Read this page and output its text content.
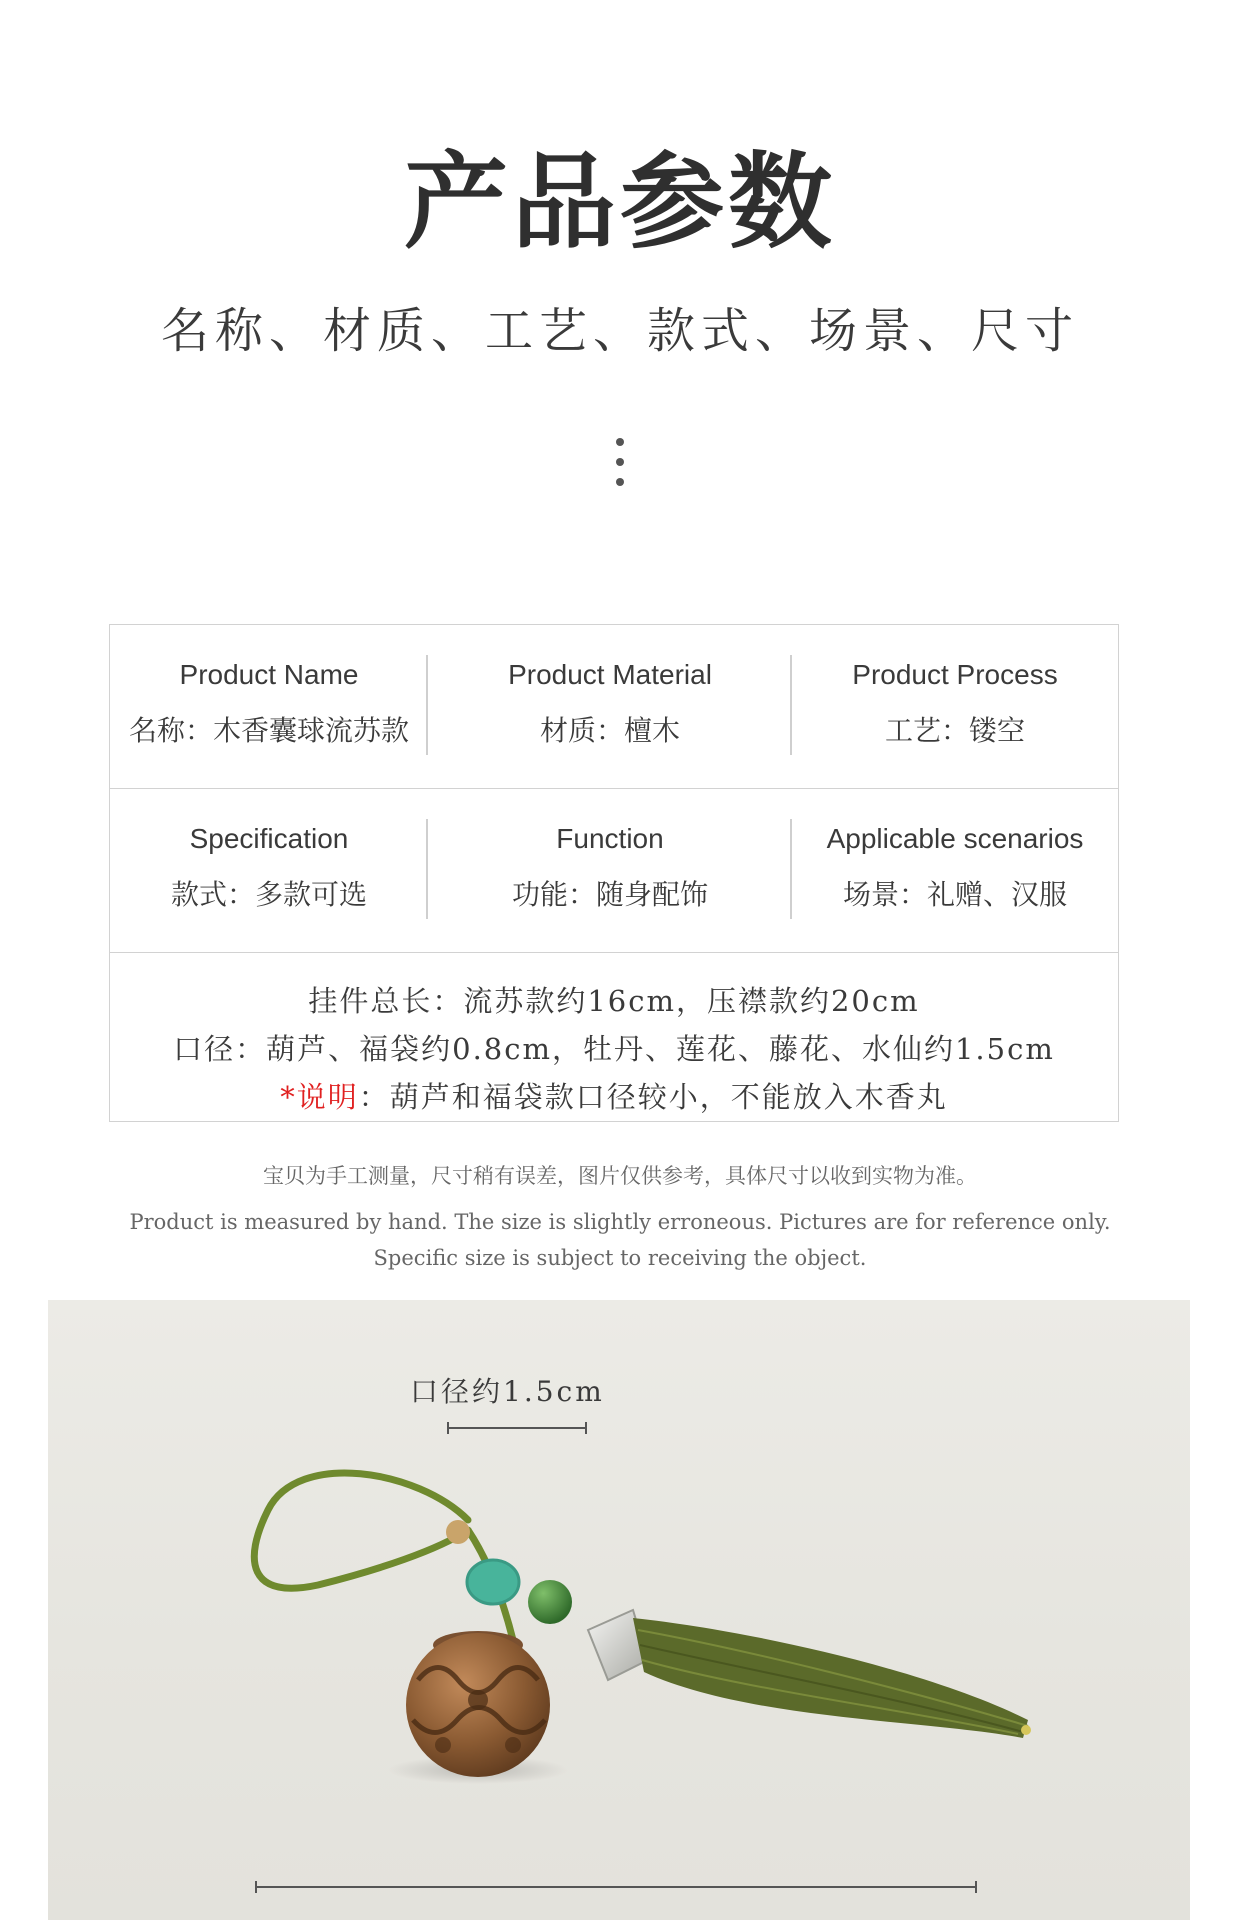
产品参数
名称、材质、工艺、款式、场景、尺寸
Product Name
名称：木香囊球流苏款
Product Material
材质：檀木
Product Process
工艺：镂空
Specification
款式：多款可选
Function
功能：随身配饰
Applicable scenarios
场景：礼赠、汉服
挂件总长：流苏款约16cm，压襟款约20cm
口径：葫芦、福袋约0.8cm，牡丹、莲花、藤花、水仙约1.5cm
*说明：葫芦和福袋款口径较小，不能放入木香丸
宝贝为手工测量，尺寸稍有误差，图片仅供参考，具体尺寸以收到实物为准。
Product is measured by hand. The size is slightly erroneous. Pictures are for reference only.
Specific size is subject to receiving the object.
口径约1.5cm
